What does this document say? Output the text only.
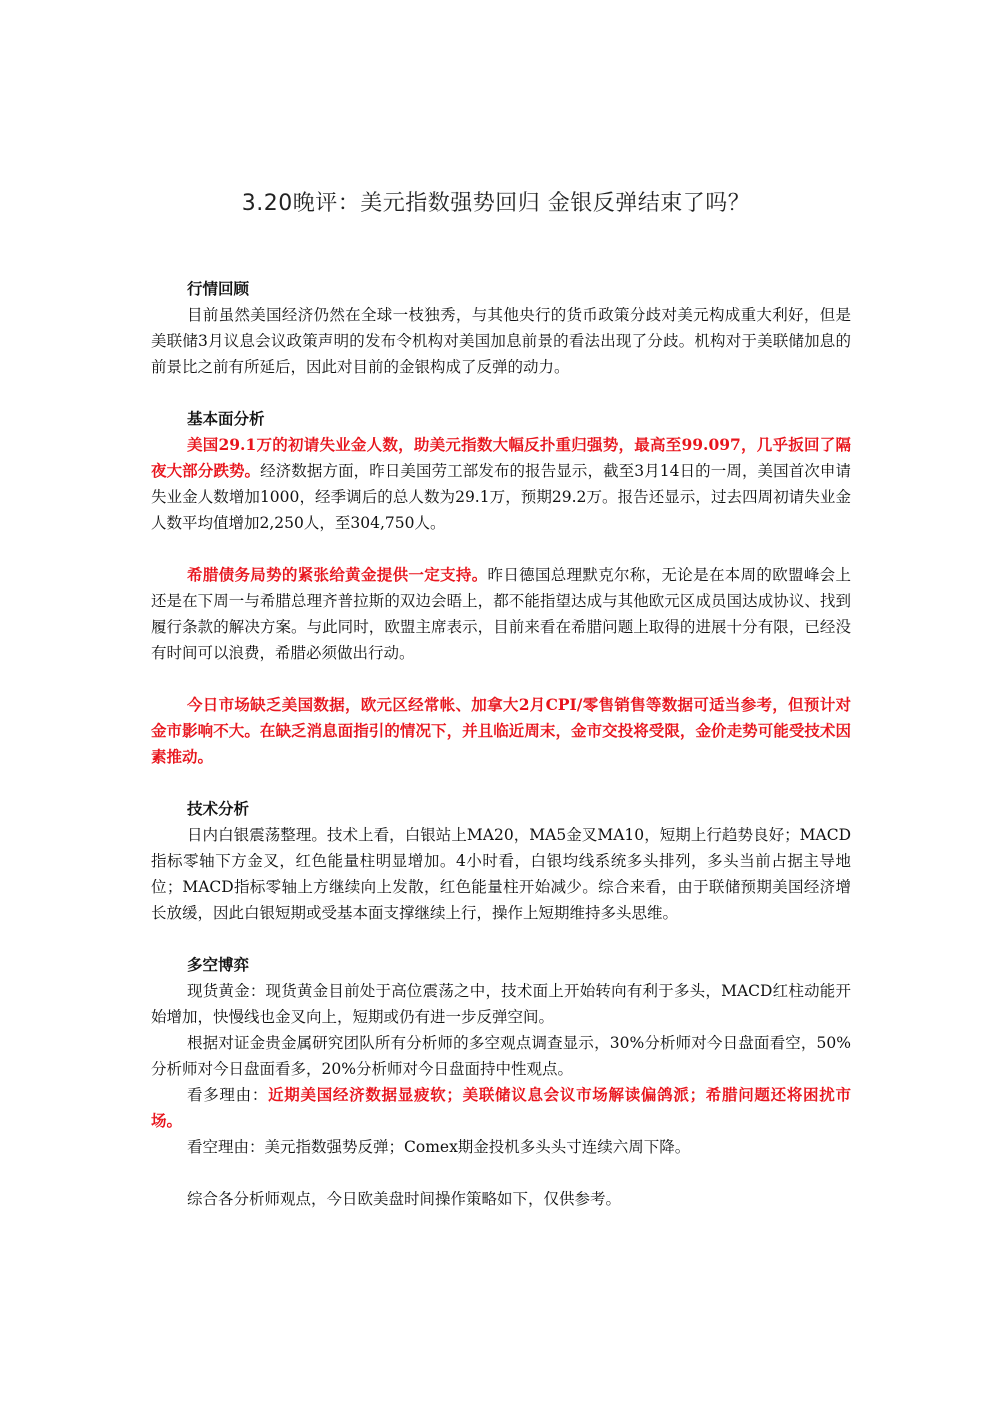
3.20晚评：美元指数强势回归 金银反弹结束了吗？
行情回顾

目前虽然美国经济仍然在全球一枝独秀，与其他央行的货币政策分歧对美元构成重大利好，但是美联储3月议息会议政策声明的发布令机构对美国加息前景的看法出现了分歧。机构对于美联储加息的前景比之前有所延后，因此对目前的金银构成了反弹的动力。

基本面分析

美国29.1万的初请失业金人数，助美元指数大幅反扑重归强势，最高至99.097，几乎扳回了隔夜大部分跌势。经济数据方面，昨日美国劳工部发布的报告显示，截至3月14日的一周，美国首次申请失业金人数增加1000，经季调后的总人数为29.1万，预期29.2万。报告还显示，过去四周初请失业金人数平均值增加2,250人，至304,750人。

希腊债务局势的紧张给黄金提供一定支持。昨日德国总理默克尔称，无论是在本周的欧盟峰会上还是在下周一与希腊总理齐普拉斯的双边会晤上，都不能指望达成与其他欧元区成员国达成协议、找到履行条款的解决方案。与此同时，欧盟主席表示，目前来看在希腊问题上取得的进展十分有限，已经没有时间可以浪费，希腊必须做出行动。

今日市场缺乏美国数据，欧元区经常帐、加拿大2月CPI/零售销售等数据可适当参考，但预计对金市影响不大。在缺乏消息面指引的情况下，并且临近周末，金市交投将受限，金价走势可能受技术因素推动。

技术分析

日内白银震荡整理。技术上看，白银站上MA20，MA5金叉MA10，短期上行趋势良好；MACD指标零轴下方金叉，红色能量柱明显增加。4小时看，白银均线系统多头排列，多头当前占据主导地位；MACD指标零轴上方继续向上发散，红色能量柱开始减少。综合来看，由于联储预期美国经济增长放缓，因此白银短期或受基本面支撑继续上行，操作上短期维持多头思维。

多空博弈

现货黄金：现货黄金目前处于高位震荡之中，技术面上开始转向有利于多头，MACD红柱动能开始增加，快慢线也金叉向上，短期或仍有进一步反弹空间。

根据对证金贵金属研究团队所有分析师的多空观点调查显示，30%分析师对今日盘面看空，50%分析师对今日盘面看多，20%分析师对今日盘面持中性观点。

看多理由：近期美国经济数据显疲软；美联储议息会议市场解读偏鸽派；希腊问题还将困扰市场。

看空理由：美元指数强势反弹；Comex期金投机多头头寸连续六周下降。

综合各分析师观点，今日欧美盘时间操作策略如下，仅供参考。
